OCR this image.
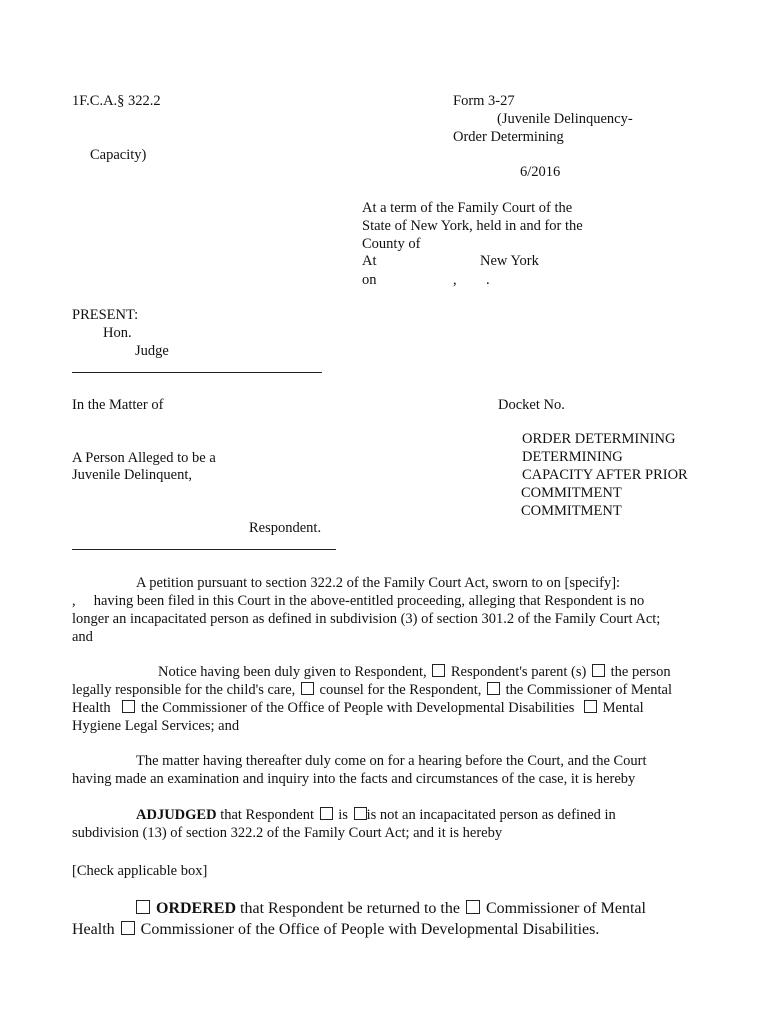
1F.C.A.§ 322.2	Form 3-27
(Juvenile Delinquency-
Order Determining
Capacity)
6/2016
At a term of the Family Court of the
State of New York, held in and for the
County of
At	New York
on	, .
PRESENT:
Hon.
Judge
In the Matter of	Docket No.
ORDER DETERMINING
DETERMINING
CAPACITY AFTER PRIOR
COMMITMENT
COMMITMENT
A Person Alleged to be a
Juvenile Delinquent,
Respondent.
A petition pursuant to section 322.2 of the Family Court Act, sworn to on [specify]:
,     having been filed in this Court in the above-entitled proceeding, alleging that Respondent is no
longer an incapacitated person as defined in subdivision (3) of section 301.2 of the Family Court Act;
and
Notice having been duly given to Respondent, Respondent's parent (s) the person
legally responsible for the child's care, counsel for the Respondent, the Commissioner of Mental
Health the Commissioner of the Office of People with Developmental Disabilities Mental
Hygiene Legal Services; and
The matter having thereafter duly come on for a hearing before the Court, and the Court
having made an examination and inquiry into the facts and circumstances of the case, it is hereby
ADJUDGED that Respondent is is not an incapacitated person as defined in
subdivision (13) of section 322.2 of the Family Court Act; and it is hereby
[Check applicable box]
ORDERED that Respondent be returned to the Commissioner of Mental
Health Commissioner of the Office of People with Developmental Disabilities.
